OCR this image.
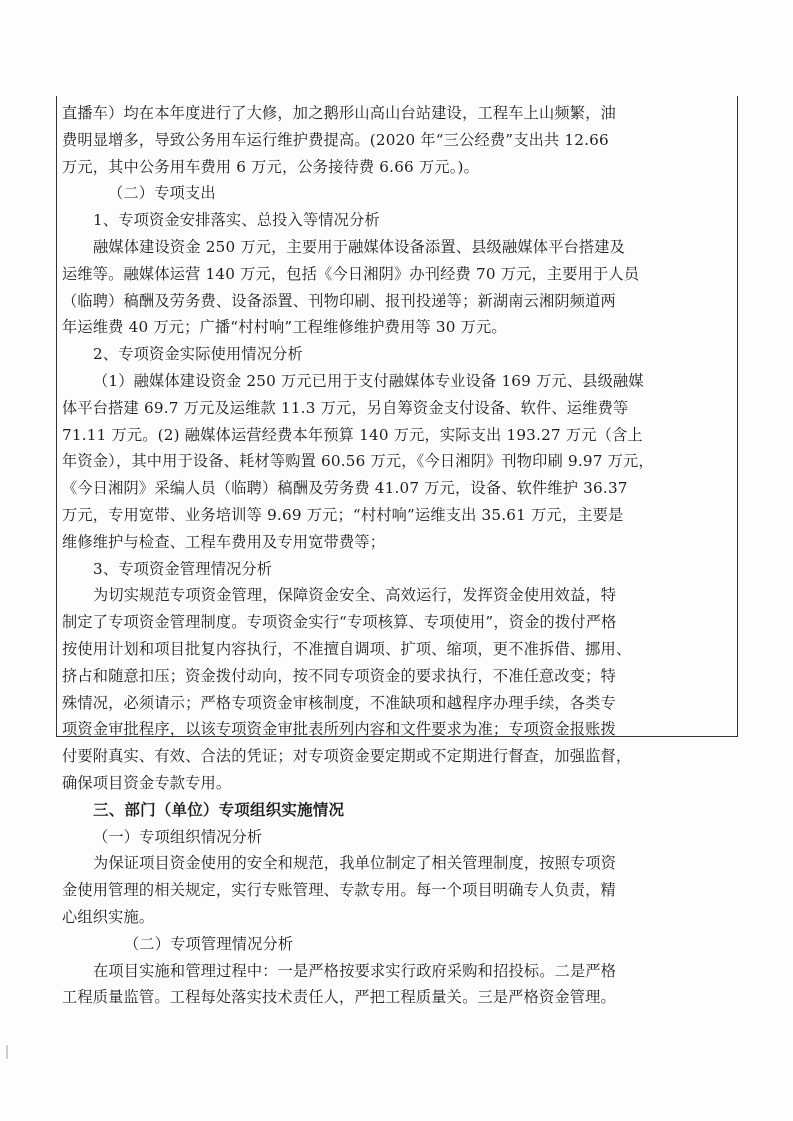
直播车）均在本年度进行了大修，加之鹅形山高山台站建设，工程车上山频繁，油
费明显增多，导致公务用车运行维护费提高。(2020 年“三公经费”支出共 12.66
万元，其中公务用车费用 6 万元，公务接待费 6.66 万元。)。
（二）专项支出
1、专项资金安排落实、总投入等情况分析
融媒体建设资金 250 万元，主要用于融媒体设备添置、县级融媒体平台搭建及
运维等。融媒体运营 140 万元，包括《今日湘阴》办刊经费 70 万元，主要用于人员
（临聘）稿酬及劳务费、设备添置、刊物印刷、报刊投递等；新湖南云湘阴频道两
年运维费 40 万元；广播“村村响”工程维修维护费用等 30 万元。
2、专项资金实际使用情况分析
（1）融媒体建设资金 250 万元已用于支付融媒体专业设备 169 万元、县级融媒
体平台搭建 69.7 万元及运维款 11.3 万元，另自筹资金支付设备、软件、运维费等
71.11 万元。(2) 融媒体运营经费本年预算 140 万元，实际支出 193.27 万元（含上
年资金），其中用于设备、耗材等购置 60.56 万元，《今日湘阴》刊物印刷 9.97 万元，
《今日湘阴》采编人员（临聘）稿酬及劳务费 41.07 万元，设备、软件维护 36.37
万元，专用宽带、业务培训等 9.69 万元；“村村响”运维支出 35.61 万元，主要是
维修维护与检查、工程车费用及专用宽带费等；
3、专项资金管理情况分析
为切实规范专项资金管理，保障资金安全、高效运行，发挥资金使用效益，特
制定了专项资金管理制度。专项资金实行“专项核算、专项使用”，资金的拨付严格
按使用计划和项目批复内容执行，不准擅自调项、扩项、缩项，更不准拆借、挪用、
挤占和随意扣压；资金拨付动向，按不同专项资金的要求执行，不准任意改变；特
殊情况，必须请示；严格专项资金审核制度，不准缺项和越程序办理手续，各类专
项资金审批程序，以该专项资金审批表所列内容和文件要求为准；专项资金报账拨
付要附真实、有效、合法的凭证；对专项资金要定期或不定期进行督查，加强监督，
确保项目资金专款专用。
三、部门（单位）专项组织实施情况
（一）专项组织情况分析
为保证项目资金使用的安全和规范，我单位制定了相关管理制度，按照专项资
金使用管理的相关规定，实行专账管理、专款专用。每一个项目明确专人负责，精
心组织实施。
（二）专项管理情况分析
在项目实施和管理过程中：一是严格按要求实行政府采购和招投标。二是严格
工程质量监管。工程每处落实技术责任人，严把工程质量关。三是严格资金管理。
